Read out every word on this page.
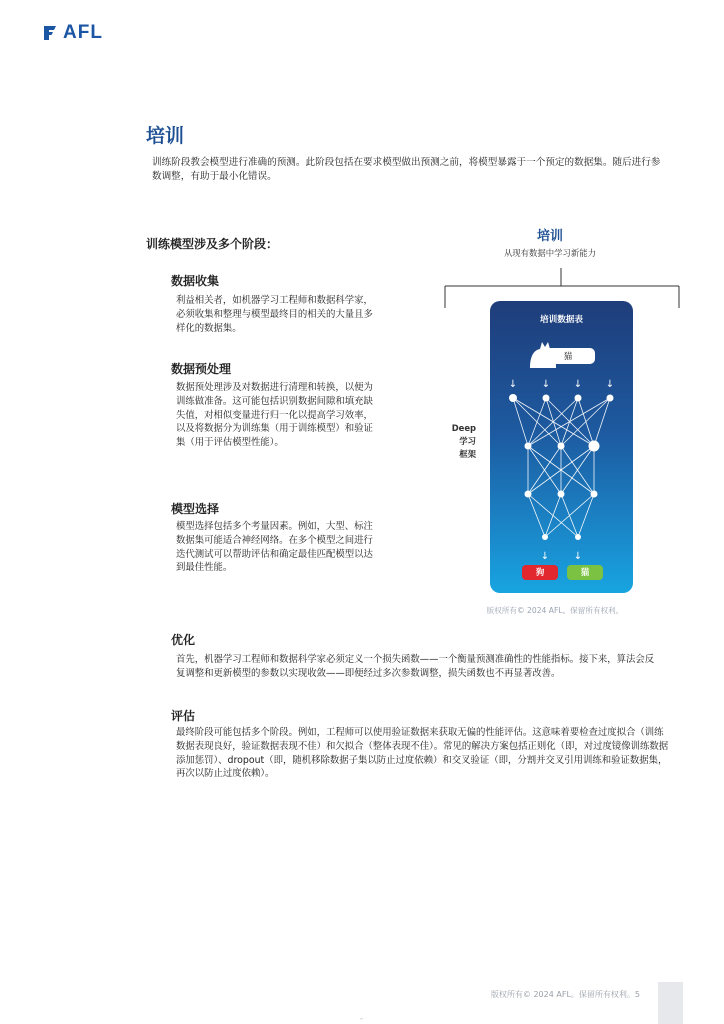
AFL
培训
训练阶段教会模型进行准确的预测。此阶段包括在要求模型做出预测之前，将模型暴露于一个预定的数据集。随后进行参数调整，有助于最小化错误。
训练模型涉及多个阶段：
数据收集
利益相关者，如机器学习工程师和数据科学家，必须收集和整理与模型最终目的相关的大量且多样化的数据集。
数据预处理
数据预处理涉及对数据进行清理和转换，以便为训练做准备。这可能包括识别数据间隙和填充缺失值，对相似变量进行归一化以提高学习效率，以及将数据分为训练集（用于训练模型）和验证集（用于评估模型性能）。
模型选择
模型选择包括多个考量因素。例如，大型、标注数据集可能适合神经网络。在多个模型之间进行迭代测试可以帮助评估和确定最佳匹配模型以达到最佳性能。
优化
首先，机器学习工程师和数据科学家必须定义一个损失函数——一个衡量预测准确性的性能指标。接下来，算法会反复调整和更新模型的参数以实现收敛——即便经过多次参数调整，损失函数也不再显著改善。
评估
最终阶段可能包括多个阶段。例如，工程师可以使用验证数据来获取无偏的性能评估。这意味着要检查过度拟合（训练数据表现良好，验证数据表现不佳）和欠拟合（整体表现不佳）。常见的解决方案包括正则化（即，对过度镜像训练数据添加惩罚）、dropout（即，随机移除数据子集以防止过度依赖）和交叉验证（即，分割并交叉引用训练和验证数据集，再次以防止过度依赖）。
培训
从现有数据中学习新能力
Deep
学习
框架
培训数据表
猫
↓ ↓ ↓ ↓
↓ ↓
狗	猫
版权所有© 2024 AFL。保留所有权利。
版权所有© 2024 AFL。保留所有权利。5
-
